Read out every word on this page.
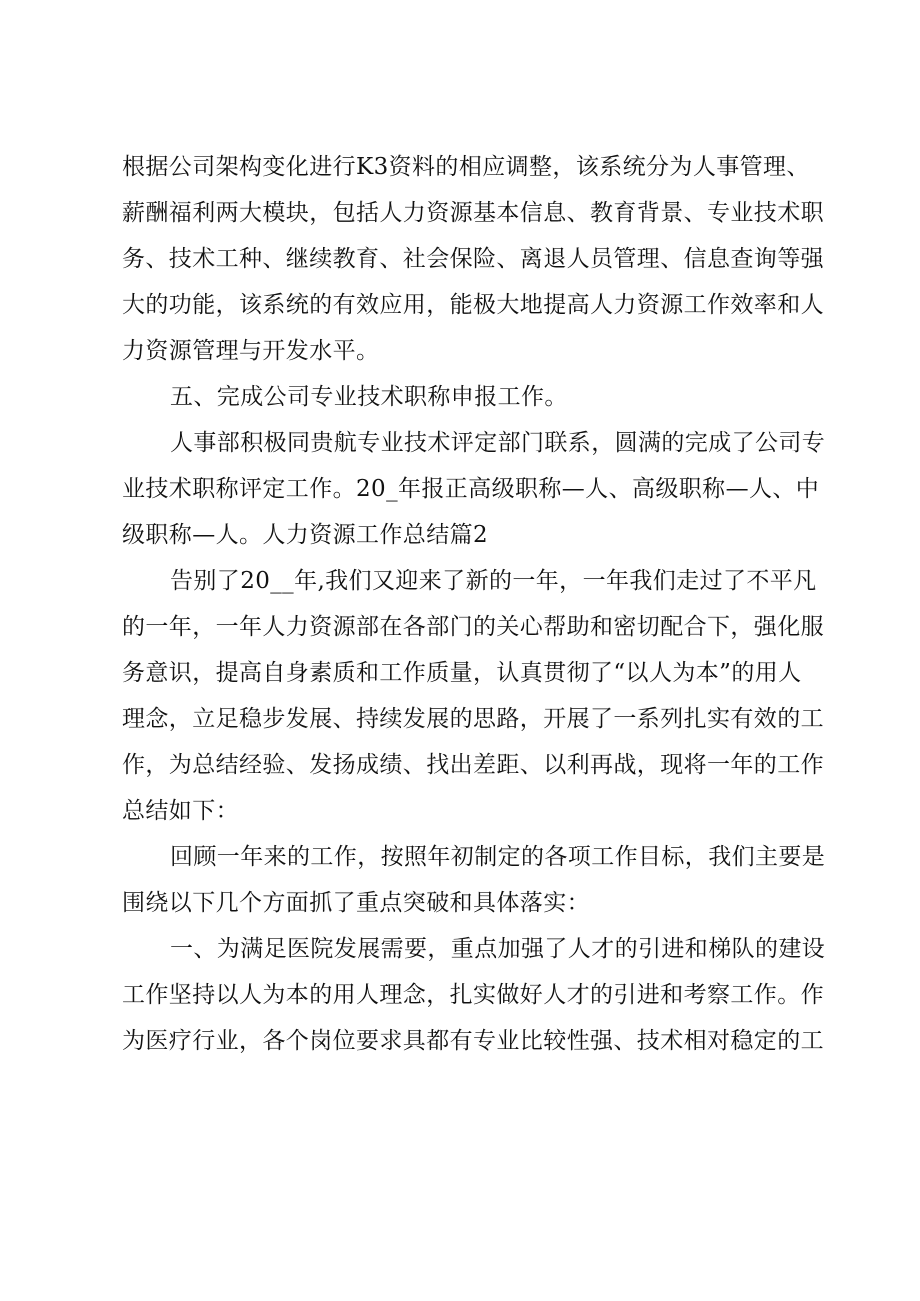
根据公司架构变化进行K3资料的相应调整，该系统分为人事管理、
薪酬福利两大模块，包括人力资源基本信息、教育背景、专业技术职
务、技术工种、继续教育、社会保险、离退人员管理、信息查询等强
大的功能，该系统的有效应用，能极大地提高人力资源工作效率和人
力资源管理与开发水平。
五、完成公司专业技术职称申报工作。
人事部积极同贵航专业技术评定部门联系，圆满的完成了公司专
业技术职称评定工作。20_年报正高级职称—人、高级职称—人、中
级职称—人。人力资源工作总结篇2
告别了20__年,我们又迎来了新的一年，一年我们走过了不平凡
的一年，一年人力资源部在各部门的关心帮助和密切配合下，强化服
务意识，提高自身素质和工作质量，认真贯彻了“以人为本”的用人
理念，立足稳步发展、持续发展的思路，开展了一系列扎实有效的工
作，为总结经验、发扬成绩、找出差距、以利再战，现将一年的工作
总结如下：
回顾一年来的工作，按照年初制定的各项工作目标，我们主要是
围绕以下几个方面抓了重点突破和具体落实：
一、为满足医院发展需要，重点加强了人才的引进和梯队的建设
工作坚持以人为本的用人理念，扎实做好人才的引进和考察工作。作
为医疗行业，各个岗位要求具都有专业比较性强、技术相对稳定的工
